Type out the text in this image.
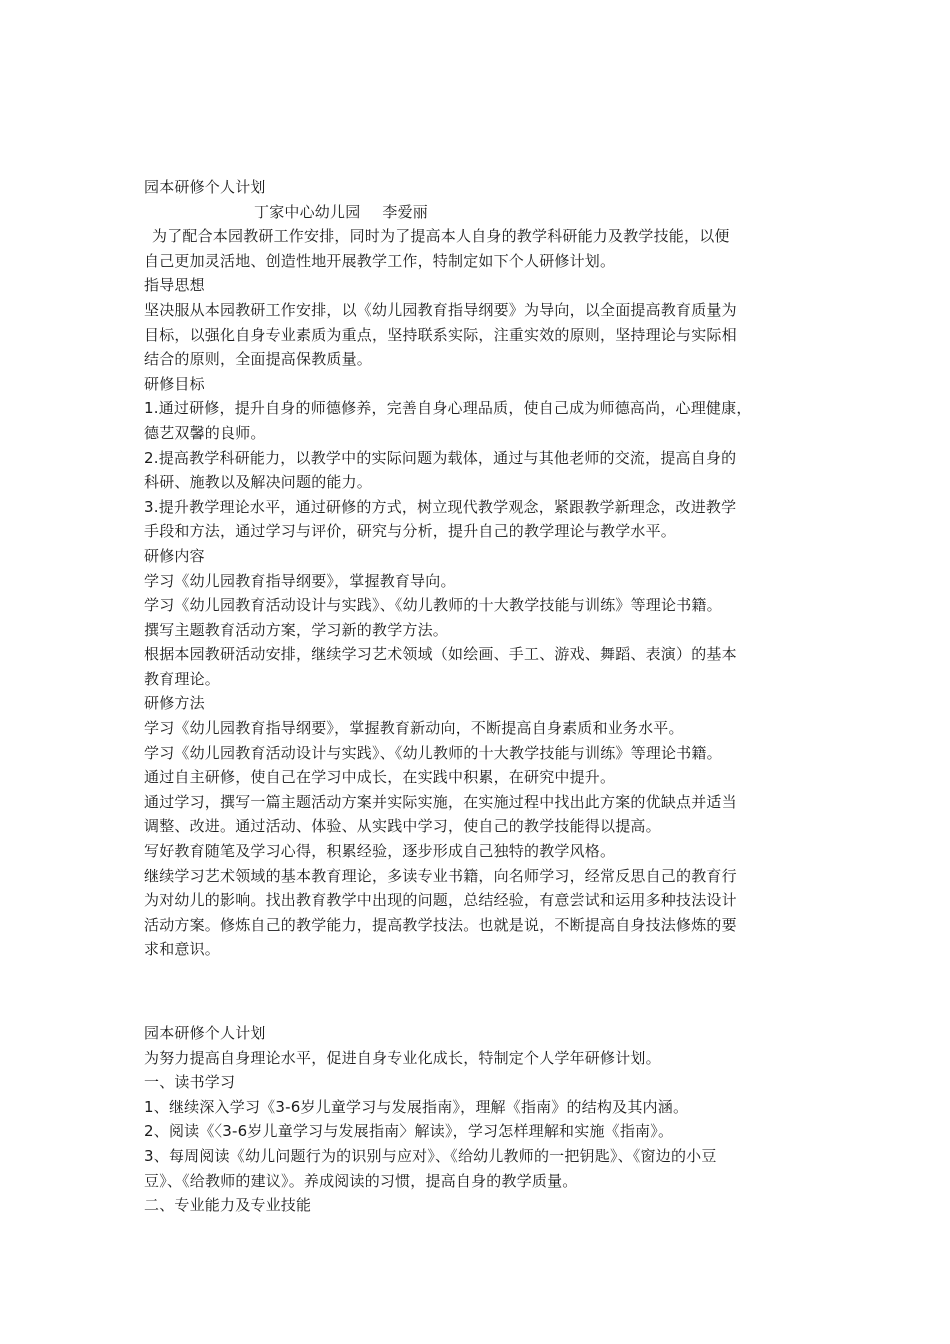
园本研修个人计划
丁家中心幼儿园 李爱丽
为了配合本园教研工作安排，同时为了提高本人自身的教学科研能力及教学技能，以便
自己更加灵活地、创造性地开展教学工作，特制定如下个人研修计划。
指导思想
坚决服从本园教研工作安排，以《幼儿园教育指导纲要》为导向，以全面提高教育质量为
目标，以强化自身专业素质为重点，坚持联系实际，注重实效的原则，坚持理论与实际相
结合的原则，全面提高保教质量。
研修目标
1.通过研修，提升自身的师德修养，完善自身心理品质，使自己成为师德高尚，心理健康，
德艺双馨的良师。
2.提高教学科研能力，以教学中的实际问题为载体，通过与其他老师的交流，提高自身的
科研、施教以及解决问题的能力。
3.提升教学理论水平，通过研修的方式，树立现代教学观念，紧跟教学新理念，改进教学
手段和方法，通过学习与评价，研究与分析，提升自己的教学理论与教学水平。
研修内容
学习《幼儿园教育指导纲要》，掌握教育导向。
学习《幼儿园教育活动设计与实践》、《幼儿教师的十大教学技能与训练》等理论书籍。
撰写主题教育活动方案，学习新的教学方法。
根据本园教研活动安排，继续学习艺术领域（如绘画、手工、游戏、舞蹈、表演）的基本
教育理论。
研修方法
学习《幼儿园教育指导纲要》，掌握教育新动向，不断提高自身素质和业务水平。
学习《幼儿园教育活动设计与实践》、《幼儿教师的十大教学技能与训练》等理论书籍。
通过自主研修，使自己在学习中成长，在实践中积累，在研究中提升。
通过学习，撰写一篇主题活动方案并实际实施，在实施过程中找出此方案的优缺点并适当
调整、改进。通过活动、体验、从实践中学习，使自己的教学技能得以提高。
写好教育随笔及学习心得，积累经验，逐步形成自己独特的教学风格。
继续学习艺术领域的基本教育理论，多读专业书籍，向名师学习，经常反思自己的教育行
为对幼儿的影响。找出教育教学中出现的问题，总结经验，有意尝试和运用多种技法设计
活动方案。修炼自己的教学能力，提高教学技法。也就是说，不断提高自身技法修炼的要
求和意识。
园本研修个人计划
为努力提高自身理论水平，促进自身专业化成长，特制定个人学年研修计划。
一、读书学习
1、继续深入学习《3-6岁儿童学习与发展指南》，理解《指南》的结构及其内涵。
2、阅读《〈3-6岁儿童学习与发展指南〉解读》，学习怎样理解和实施《指南》。
3、每周阅读《幼儿问题行为的识别与应对》、《给幼儿教师的一把钥匙》、《窗边的小豆
豆》、《给教师的建议》。养成阅读的习惯，提高自身的教学质量。
二、专业能力及专业技能
